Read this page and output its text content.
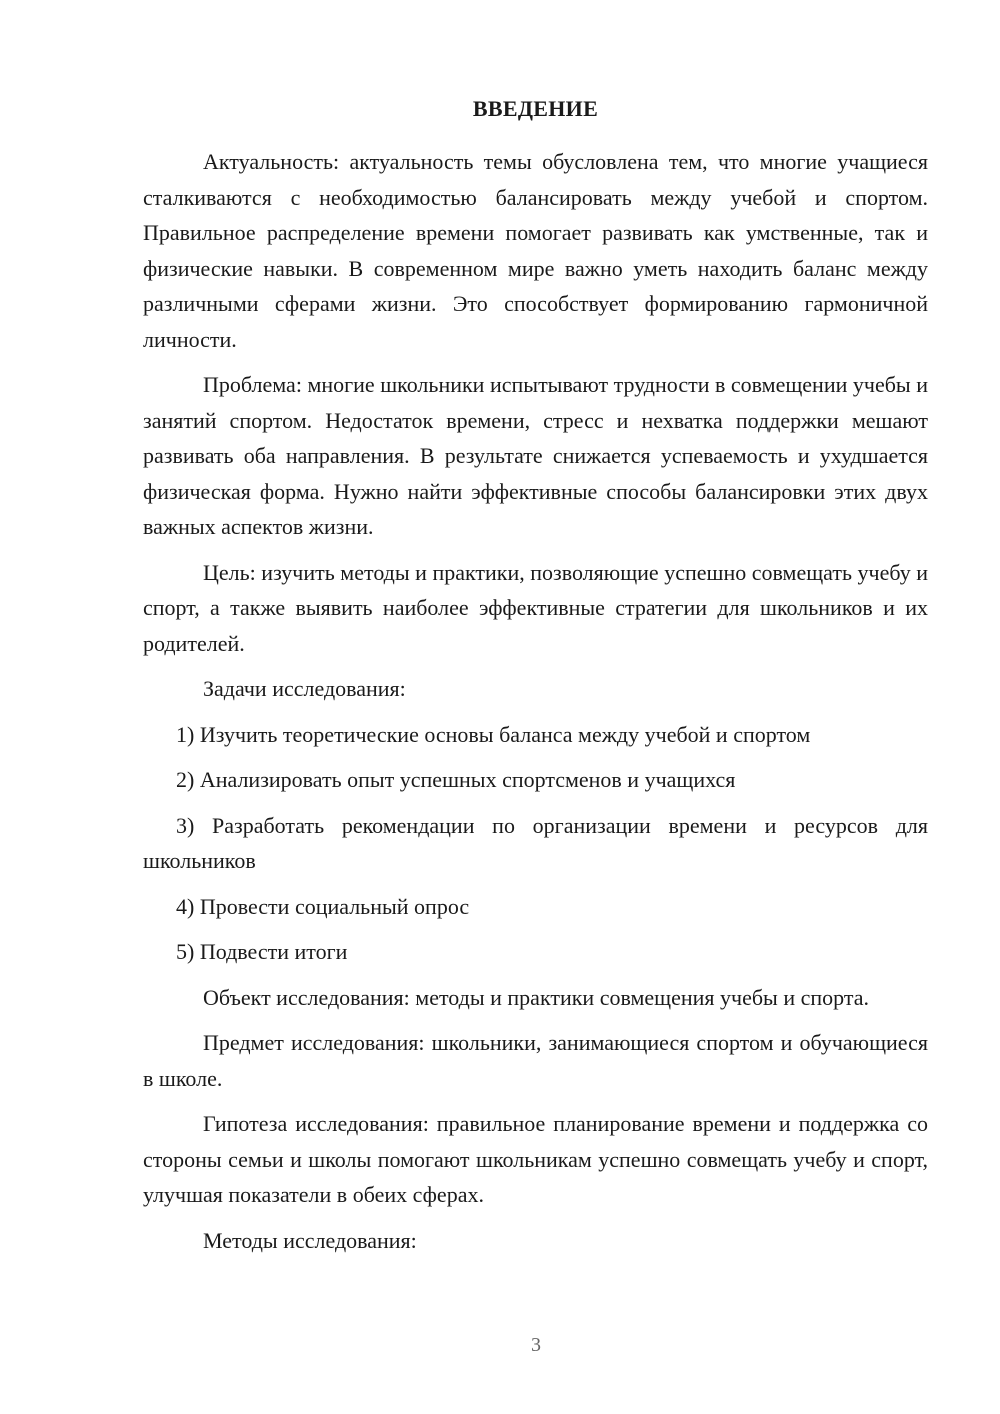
ВВЕДЕНИЕ

Актуальность: актуальность темы обусловлена тем, что многие учащиеся сталкиваются с необходимостью балансировать между учебой и спортом. Правильное распределение времени помогает развивать как умственные, так и физические навыки. В современном мире важно уметь находить баланс между различными сферами жизни. Это способствует формированию гармоничной личности.

Проблема: многие школьники испытывают трудности в совмещении учебы и занятий спортом. Недостаток времени, стресс и нехватка поддержки мешают развивать оба направления. В результате снижается успеваемость и ухудшается физическая форма. Нужно найти эффективные способы балансировки этих двух важных аспектов жизни.

Цель: изучить методы и практики, позволяющие успешно совмещать учебу и спорт, а также выявить наиболее эффективные стратегии для школьников и их родителей.

Задачи исследования:

1) Изучить теоретические основы баланса между учебой и спортом

2) Анализировать опыт успешных спортсменов и учащихся

3) Разработать рекомендации по организации времени и ресурсов для школьников

4) Провести социальный опрос

5) Подвести итоги

Объект исследования: методы и практики совмещения учебы и спорта.

Предмет исследования: школьники, занимающиеся спортом и обучающиеся в школе.

Гипотеза исследования: правильное планирование времени и поддержка со стороны семьи и школы помогают школьникам успешно совмещать учебу и спорт, улучшая показатели в обеих сферах.

Методы исследования:

3
